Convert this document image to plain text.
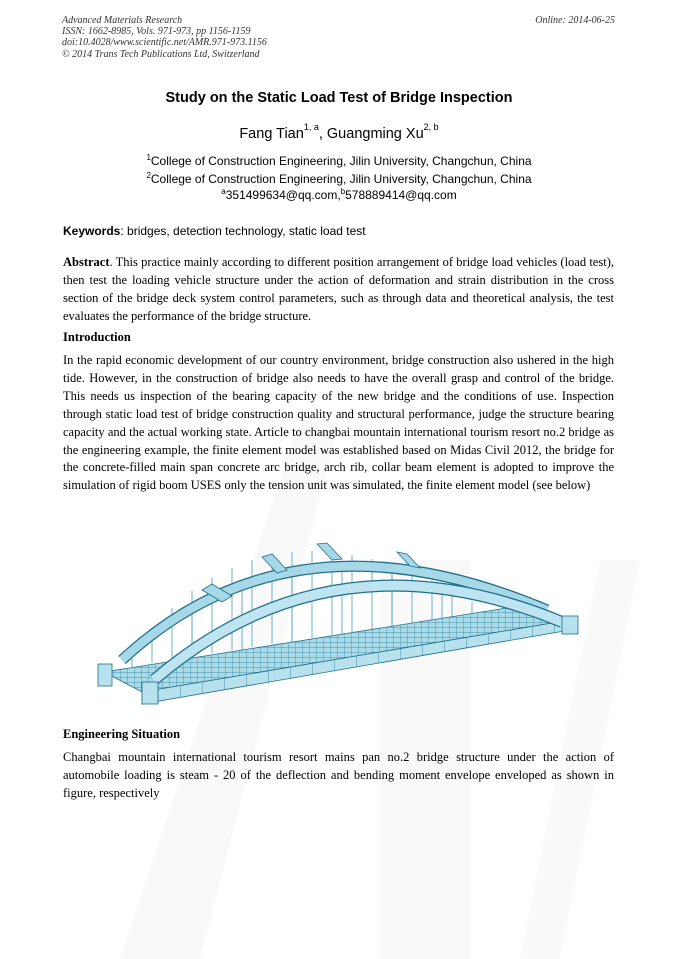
Advanced Materials Research
ISSN: 1662-8985, Vols. 971-973, pp 1156-1159
doi:10.4028/www.scientific.net/AMR.971-973.1156
© 2014 Trans Tech Publications Ltd, Switzerland
Online: 2014-06-25
Study on the Static Load Test of Bridge Inspection
Fang Tian$^{1, a}$, Guangming Xu$^{2, b}$
$^1$College of Construction Engineering, Jilin University, Changchun, China
$^2$College of Construction Engineering, Jilin University, Changchun, China
$^a$351499634@qq.com,$^b$578889414@qq.com
Keywords: bridges, detection technology, static load test

Abstract. This practice mainly according to different position arrangement of bridge load vehicles (load test), then test the loading vehicle structure under the action of deformation and strain distribution in the cross section of the bridge deck system control parameters, such as through data and theoretical analysis, the test evaluates the performance of the bridge structure.

Introduction

In the rapid economic development of our country environment, bridge construction also ushered in the high tide. However, in the construction of bridge also needs to have the overall grasp and control of the bridge. This needs us inspection of the bearing capacity of the new bridge and the conditions of use. Inspection through static load test of bridge construction quality and structural performance, judge the structure bearing capacity and the actual working state. Article to changbai mountain international tourism resort no.2 bridge as the engineering example, the finite element model was established based on Midas Civil 2012, the bridge for the concrete-filled main span concrete arc bridge, arch rib, collar beam element is adopted to improve the simulation of rigid boom USES only the tension unit was simulated, the finite element model (see below)

Engineering Situation

Changbai mountain international tourism resort mains pan no.2 bridge structure under the action of automobile loading is steam - 20 of the deflection and bending moment envelope enveloped as shown in figure, respectively
